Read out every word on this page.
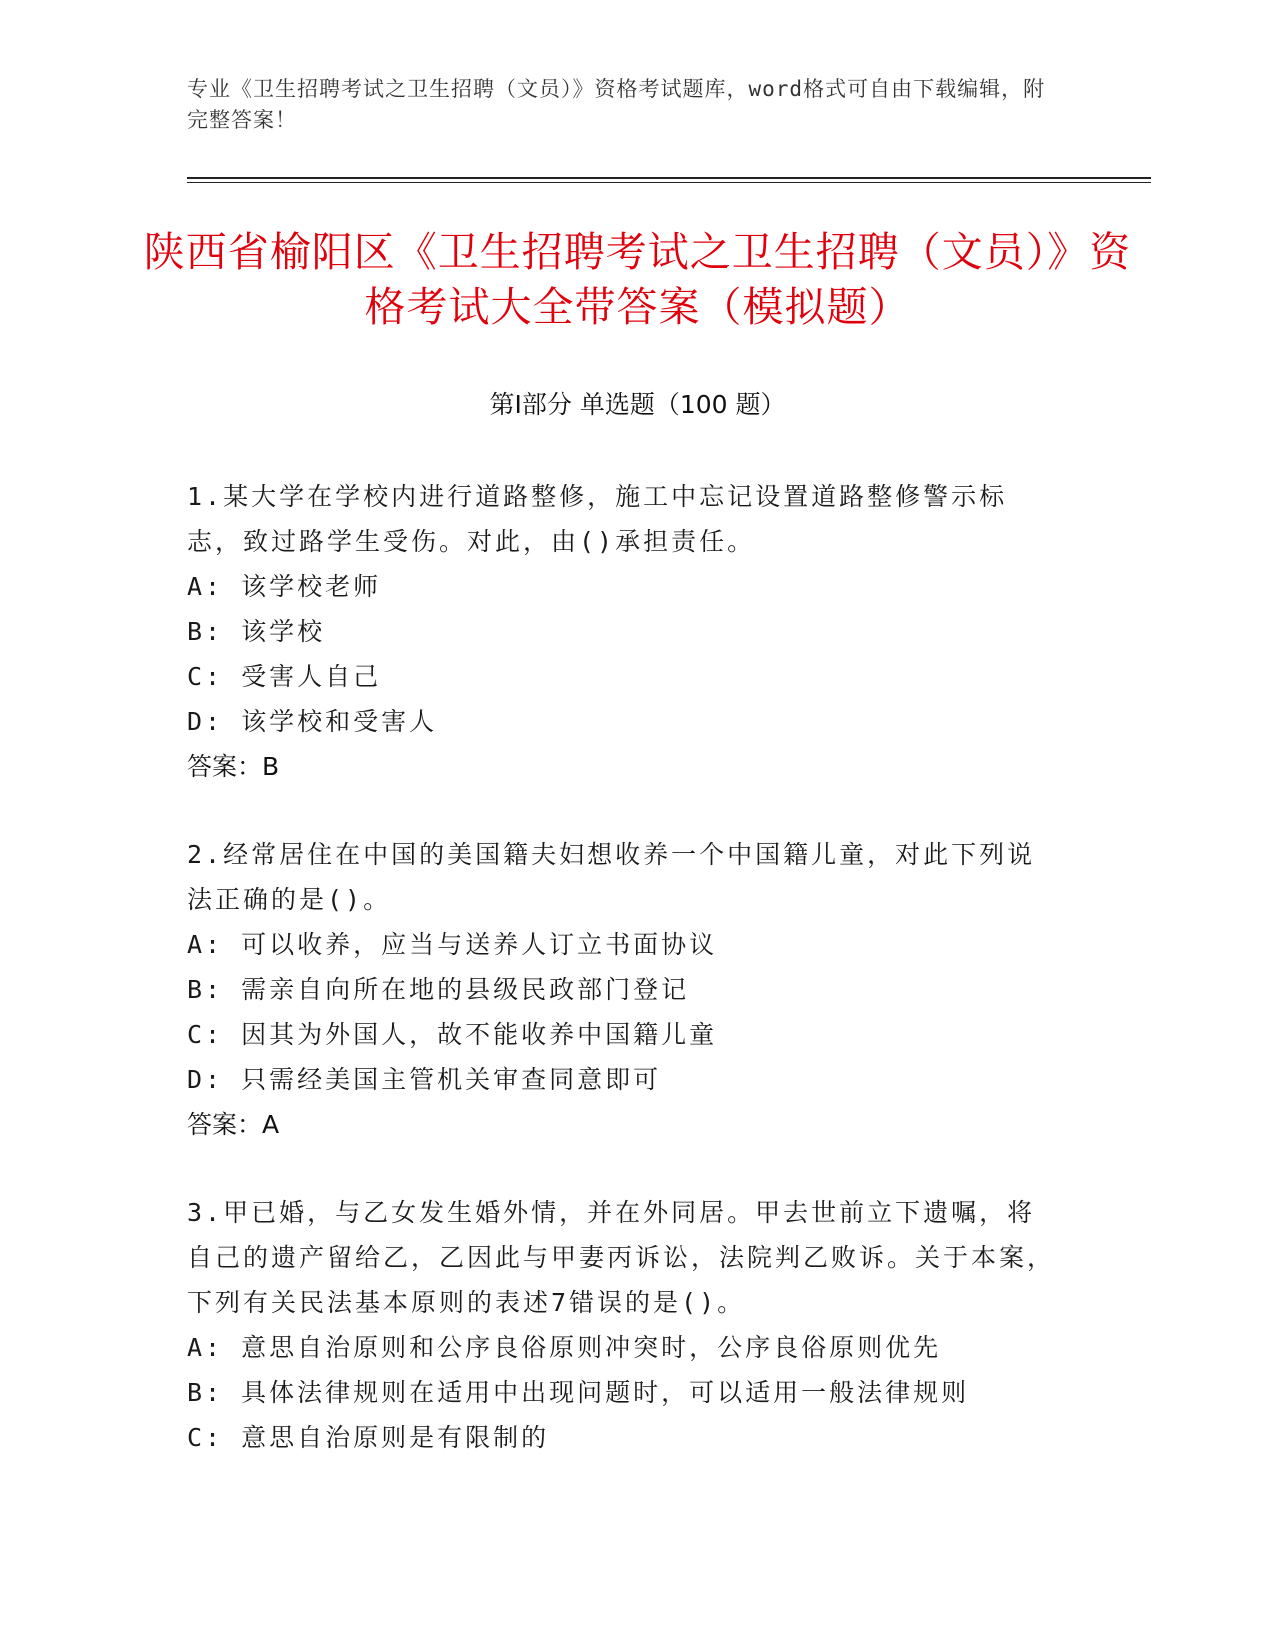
专业《卫生招聘考试之卫生招聘（文员）》资格考试题库，word格式可自由下载编辑，附完整答案！
陕西省榆阳区《卫生招聘考试之卫生招聘（文员）》资格考试大全带答案（模拟题）
第Ⅰ部分 单选题（100 题）
1.某大学在学校内进行道路整修，施工中忘记设置道路整修警示标志，致过路学生受伤。对此，由()承担责任。
A: 该学校老师
B: 该学校
C: 受害人自己
D: 该学校和受害人
答案：B
2.经常居住在中国的美国籍夫妇想收养一个中国籍儿童，对此下列说法正确的是()。
A: 可以收养，应当与送养人订立书面协议
B: 需亲自向所在地的县级民政部门登记
C: 因其为外国人，故不能收养中国籍儿童
D: 只需经美国主管机关审查同意即可
答案：A
3.甲已婚，与乙女发生婚外情，并在外同居。甲去世前立下遗嘱，将自己的遗产留给乙，乙因此与甲妻丙诉讼，法院判乙败诉。关于本案，下列有关民法基本原则的表述7错误的是()。
A: 意思自治原则和公序良俗原则冲突时，公序良俗原则优先
B: 具体法律规则在适用中出现问题时，可以适用一般法律规则
C: 意思自治原则是有限制的
